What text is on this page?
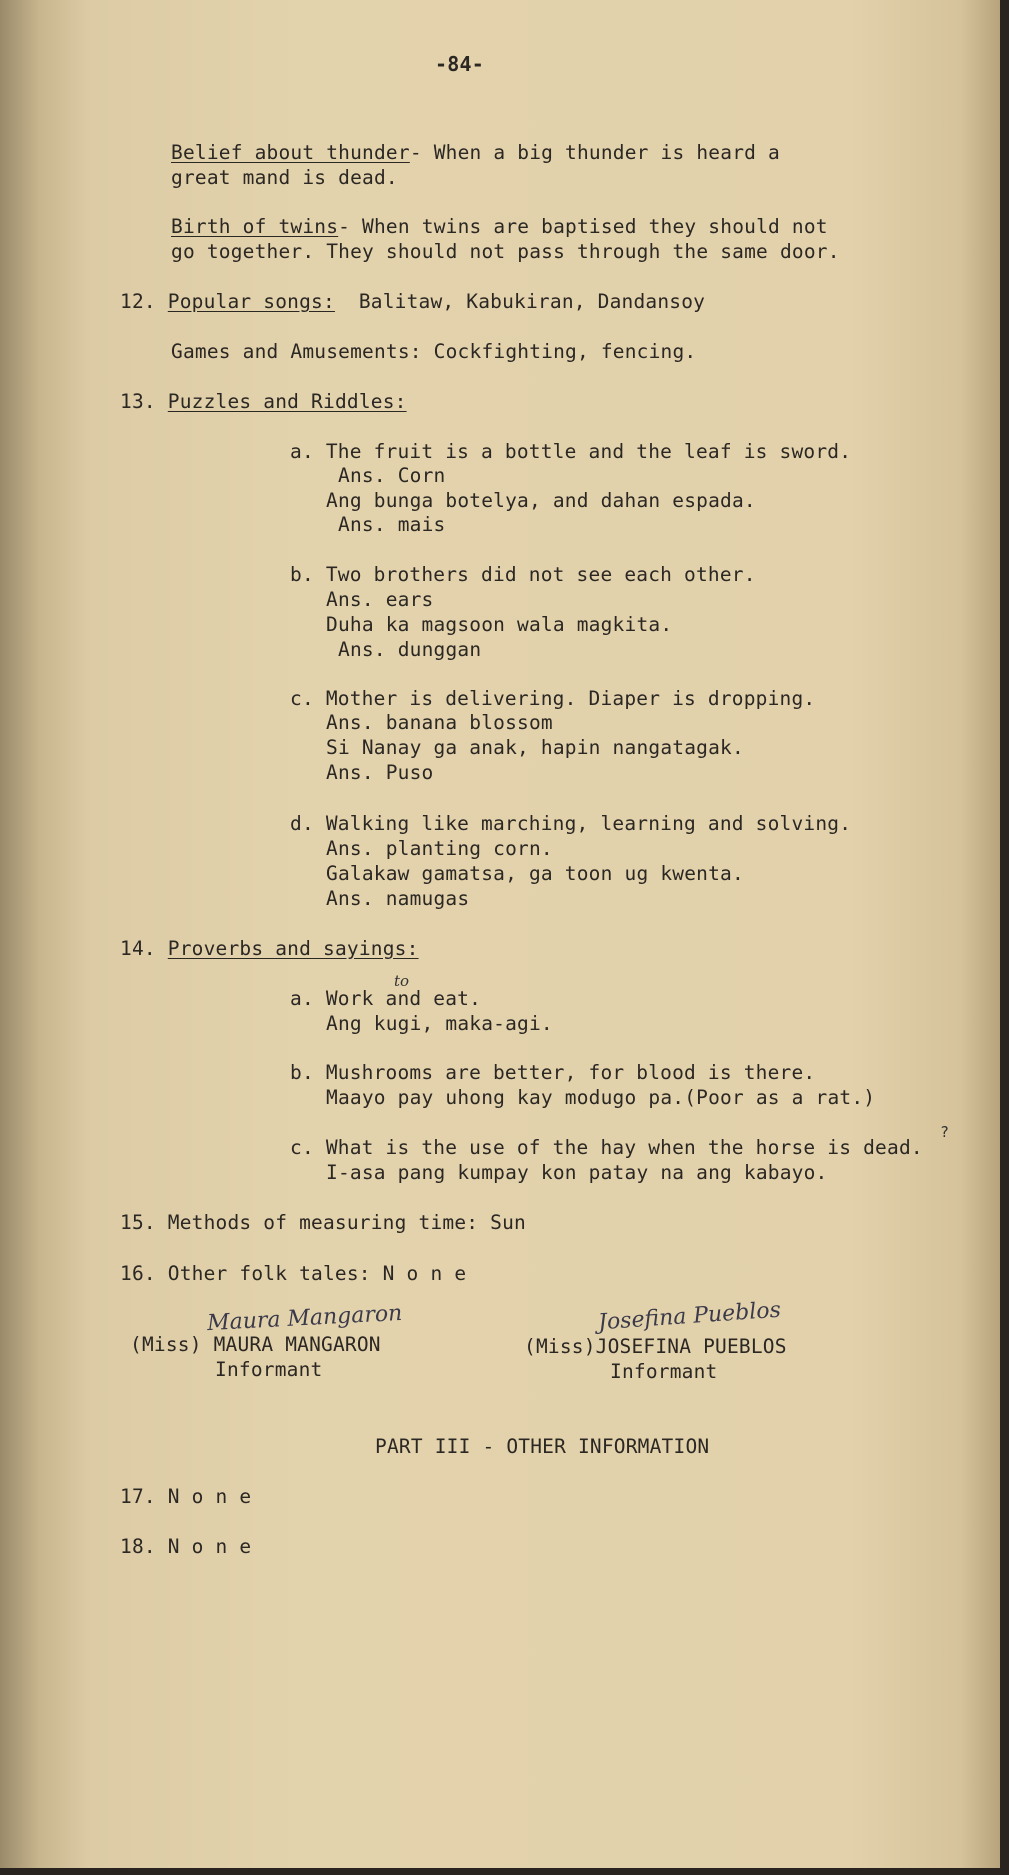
-84-
Belief about thunder- When a big thunder is heard a
great mand is dead.
Birth of twins- When twins are baptised they should not
go together. They should not pass through the same door.
12. Popular songs:  Balitaw, Kabukiran, Dandansoy
Games and Amusements: Cockfighting, fencing.
13. Puzzles and Riddles:
a. The fruit is a bottle and the leaf is sword.
Ans. Corn
Ang bunga botelya, and dahan espada.
Ans. mais
b. Two brothers did not see each other.
Ans. ears
Duha ka magsoon wala magkita.
Ans. dunggan
c. Mother is delivering. Diaper is dropping.
Ans. banana blossom
Si Nanay ga anak, hapin nangatagak.
Ans. Puso
d. Walking like marching, learning and solving.
Ans. planting corn.
Galakaw gamatsa, ga toon ug kwenta.
Ans. namugas
14. Proverbs and sayings:
to
a. Work and eat.
Ang kugi, maka-agi.
b. Mushrooms are better, for blood is there.
Maayo pay uhong kay modugo pa.(Poor as a rat.)
?
c. What is the use of the hay when the horse is dead.
I-asa pang kumpay kon patay na ang kabayo.
15. Methods of measuring time: Sun
16. Other folk tales: N o n e
Maura Mangaron
(Miss) MAURA MANGARON
Informant
Josefina Pueblos
(Miss)JOSEFINA PUEBLOS
Informant
PART III - OTHER INFORMATION
17. N o n e
18. N o n e
